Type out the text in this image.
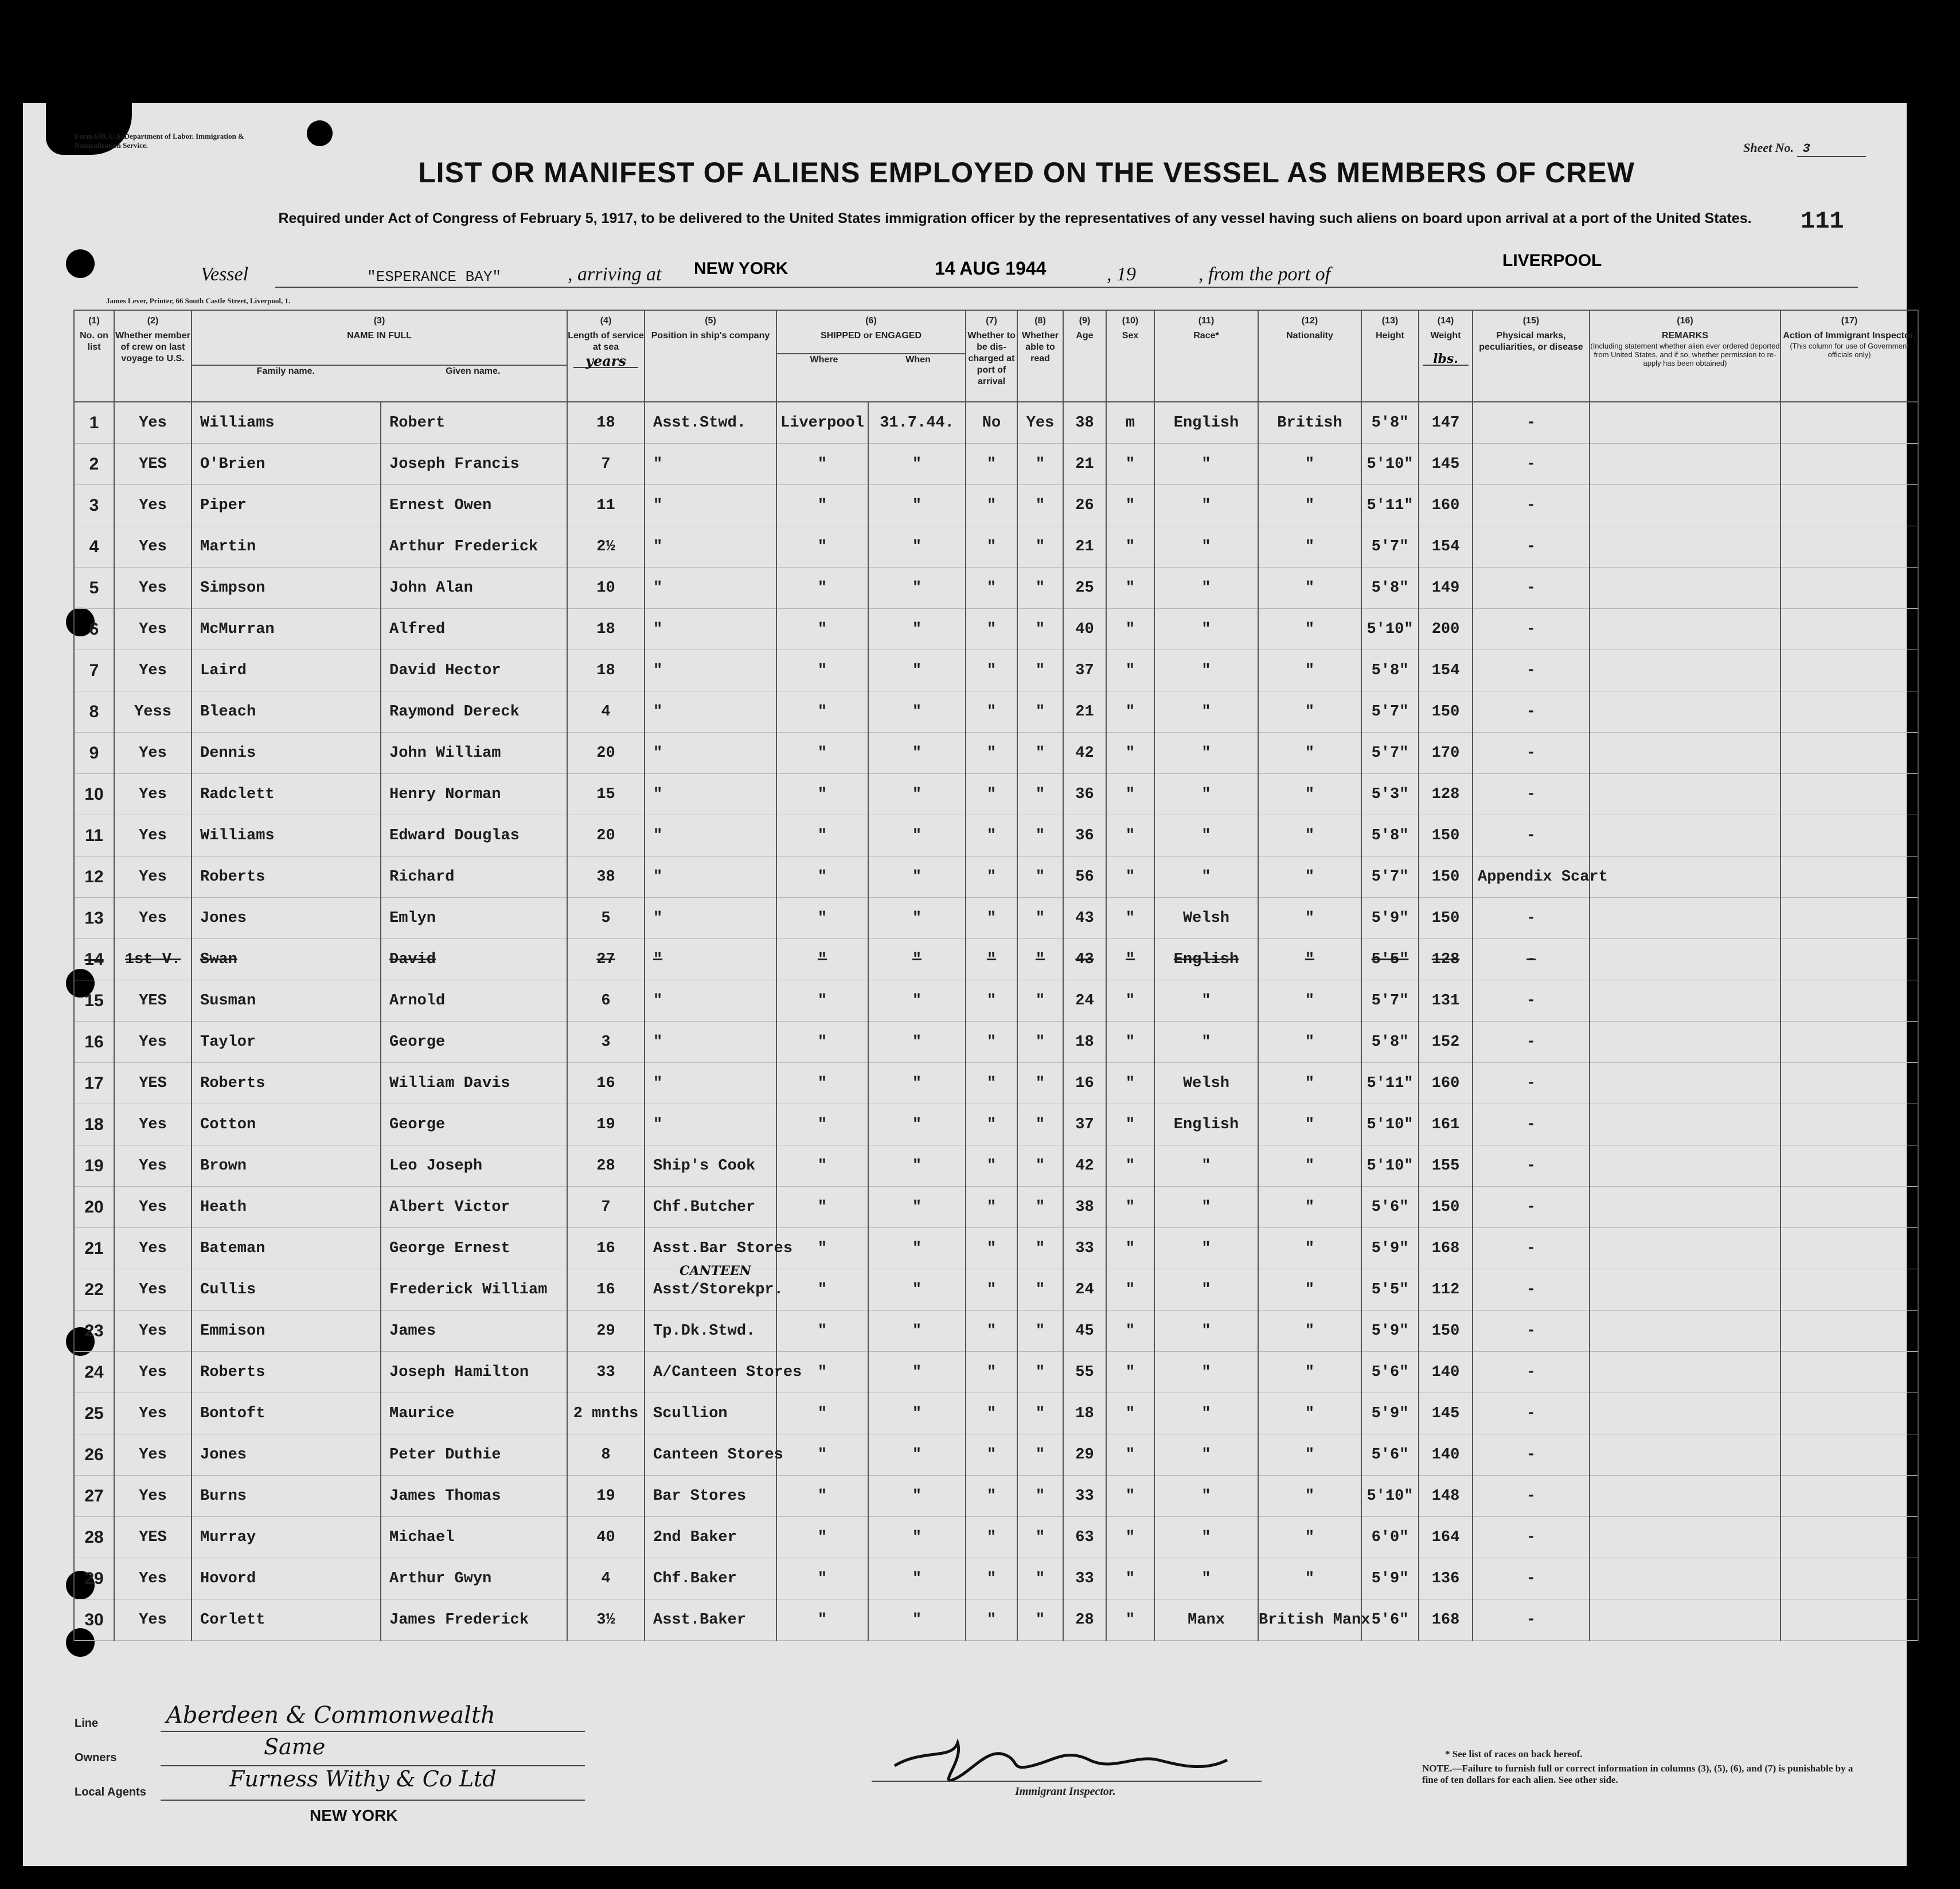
Form 630. U.S. Department of Labor. Immigration & Naturalization Service.	Sheet No. 3
LIST OR MANIFEST OF ALIENS EMPLOYED ON THE VESSEL AS MEMBERS OF CREW
Required under Act of Congress of February 5, 1917, to be delivered to the United States immigration officer by the representatives of any vessel having such aliens on board upon arrival at a port of the United States.	111
Vessel	"ESPERANCE BAY"	, arriving at NEW YORK	14 AUG 1944	, 19	, from the port of
LIVERPOOL
James Lever, Printer, 66 South Castle Street, Liverpool, 1.
(1)
No. on list	(2)
Whether member of crew on last voyage to U.S.	(3)
NAME IN FULL
Family name. Given name.		(4)
Length of service at sea
years	(5)
Position in ship's company	(6)
SHIPPED or ENGAGED
Where When		(7)
Whether to be dis-charged at port of arrival	(8)
Whether able to read	(9)
Age	(10)
Sex	(11)
Race*	(12)
Nationality	(13)
Height	(14)
Weight
lbs.	(15)
Physical marks, peculiarities, or disease	(16)
REMARKS
(Including statement whether alien ever ordered deported from United States, and if so, whether permission to re-apply has been obtained)	(17)
Action of Immigrant Inspector.
(This column for use of Government officials only)

1	Yes	Williams	Robert	18	Asst.Stwd.	Liverpool	31.7.44.	No	Yes	38	m	English	British	5'8"	147	-		
2	YES	O'Brien	Joseph Francis	7	"	"	"	"	"	21	"	"	"	5'10"	145	-		
3	Yes	Piper	Ernest Owen	11	"	"	"	"	"	26	"	"	"	5'11"	160	-		
4	Yes	Martin	Arthur Frederick	2½	"	"	"	"	"	21	"	"	"	5'7"	154	-		
5	Yes	Simpson	John Alan	10	"	"	"	"	"	25	"	"	"	5'8"	149	-		
6	Yes	McMurran	Alfred	18	"	"	"	"	"	40	"	"	"	5'10"	200	-		
7	Yes	Laird	David Hector	18	"	"	"	"	"	37	"	"	"	5'8"	154	-		
8	Yess	Bleach	Raymond Dereck	4	"	"	"	"	"	21	"	"	"	5'7"	150	-		
9	Yes	Dennis	John William	20	"	"	"	"	"	42	"	"	"	5'7"	170	-		
10	Yes	Radclett	Henry Norman	15	"	"	"	"	"	36	"	"	"	5'3"	128	-		
11	Yes	Williams	Edward Douglas	20	"	"	"	"	"	36	"	"	"	5'8"	150	-		
12	Yes	Roberts	Richard	38	"	"	"	"	"	56	"	"	"	5'7"	150	Appendix Scart		
13	Yes	Jones	Emlyn	5	"	"	"	"	"	43	"	Welsh	"	5'9"	150	-		
14	1st V.	Swan	David	27	"	"	"	"	"	43	"	English	"	5'5"	128	-		
15	YES	Susman	Arnold	6	"	"	"	"	"	24	"	"	"	5'7"	131	-		
16	Yes	Taylor	George	3	"	"	"	"	"	18	"	"	"	5'8"	152	-		
17	YES	Roberts	William Davis	16	"	"	"	"	"	16	"	Welsh	"	5'11"	160	-		
18	Yes	Cotton	George	19	"	"	"	"	"	37	"	English	"	5'10"	161	-		
19	Yes	Brown	Leo Joseph	28	Ship's Cook	"	"	"	"	42	"	"	"	5'10"	155	-		
20	Yes	Heath	Albert Victor	7	Chf.Butcher	"	"	"	"	38	"	"	"	5'6"	150	-		
21	Yes	Bateman	George Ernest	16	Asst.Bar Stores	"	"	"	"	33	"	"	"	5'9"	168	-		
22	Yes	Cullis	Frederick William	16	Asst/Storekpr.
CANTEEN	"	"	"	"	24	"	"	"	5'5"	112	-		
23	Yes	Emmison	James	29	Tp.Dk.Stwd.	"	"	"	"	45	"	"	"	5'9"	150	-		
24	Yes	Roberts	Joseph Hamilton	33	A/Canteen Stores	"	"	"	"	55	"	"	"	5'6"	140	-		
25	Yes	Bontoft	Maurice	2 mnths	Scullion	"	"	"	"	18	"	"	"	5'9"	145	-		
26	Yes	Jones	Peter Duthie	8	Canteen Stores	"	"	"	"	29	"	"	"	5'6"	140	-		
27	Yes	Burns	James Thomas	19	Bar Stores	"	"	"	"	33	"	"	"	5'10"	148	-		
28	YES	Murray	Michael	40	2nd Baker	"	"	"	"	63	"	"	"	6'0"	164	-		
29	Yes	Hovord	Arthur Gwyn	4	Chf.Baker	"	"	"	"	33	"	"	"	5'9"	136	-		
30	Yes	Corlett	James Frederick	3½	Asst.Baker	"	"	"	"	28	"	Manx	British Manx	5'6"	168	-		
Line	Aberdeen & Commonwealth
Owners	Same
Local Agents
Furness Withy & Co Ltd
NEW YORK
Immigrant Inspector.
* See list of races on back hereof.
NOTE.—Failure to furnish full or correct information in columns (3), (5), (6), and (7) is punishable by a fine of ten dollars for each alien. See other side.
